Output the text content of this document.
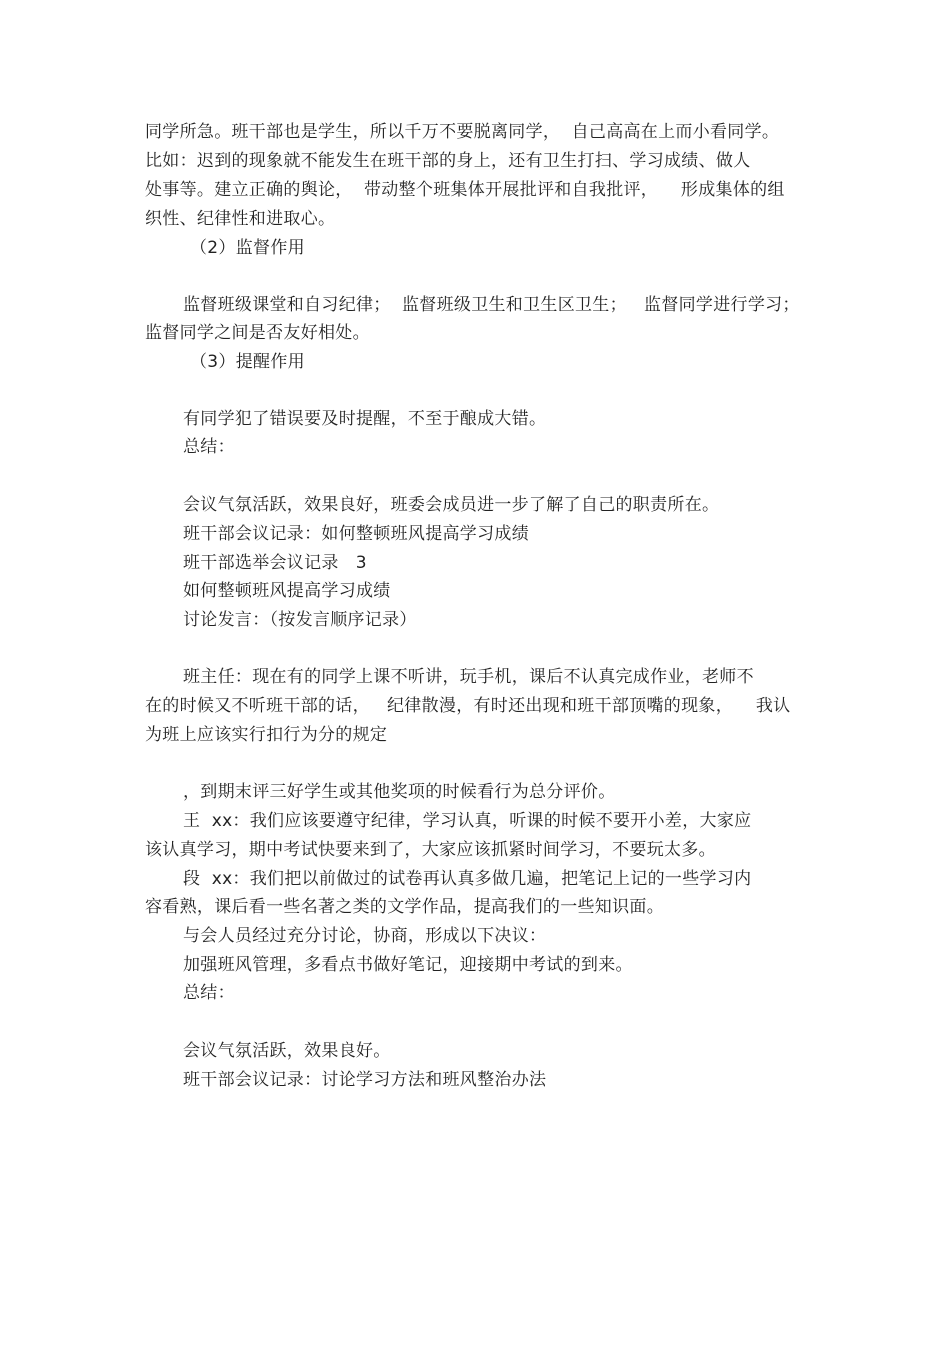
同学所急。班干部也是学生，所以千万不要脱离同学，  自己高高在上而小看同学。
比如：迟到的现象就不能发生在班干部的身上，还有卫生打扫、学习成绩、做人
处事等。建立正确的舆论，  带动整个班集体开展批评和自我批评，    形成集体的组
织性、纪律性和进取心。
（2）监督作用
监督班级课堂和自习纪律；  监督班级卫生和卫生区卫生；   监督同学进行学习；
监督同学之间是否友好相处。
（3）提醒作用
有同学犯了错误要及时提醒，不至于酿成大错。
总结：
会议气氛活跃，效果良好，班委会成员进一步了解了自己的职责所在。
班干部会议记录：如何整顿班风提高学习成绩
班干部选举会议记录   3
如何整顿班风提高学习成绩
讨论发言：（按发言顺序记录）
班主任：现在有的同学上课不听讲，玩手机，课后不认真完成作业，老师不
在的时候又不听班干部的话，   纪律散漫，有时还出现和班干部顶嘴的现象，    我认
为班上应该实行扣行为分的规定
，到期末评三好学生或其他奖项的时候看行为总分评价。
王  xx：我们应该要遵守纪律，学习认真，听课的时候不要开小差，大家应
该认真学习，期中考试快要来到了，大家应该抓紧时间学习，不要玩太多。
段  xx：我们把以前做过的试卷再认真多做几遍，把笔记上记的一些学习内
容看熟，课后看一些名著之类的文学作品，提高我们的一些知识面。
与会人员经过充分讨论，协商，形成以下决议：
加强班风管理，多看点书做好笔记，迎接期中考试的到来。
总结：
会议气氛活跃，效果良好。
班干部会议记录：讨论学习方法和班风整治办法
